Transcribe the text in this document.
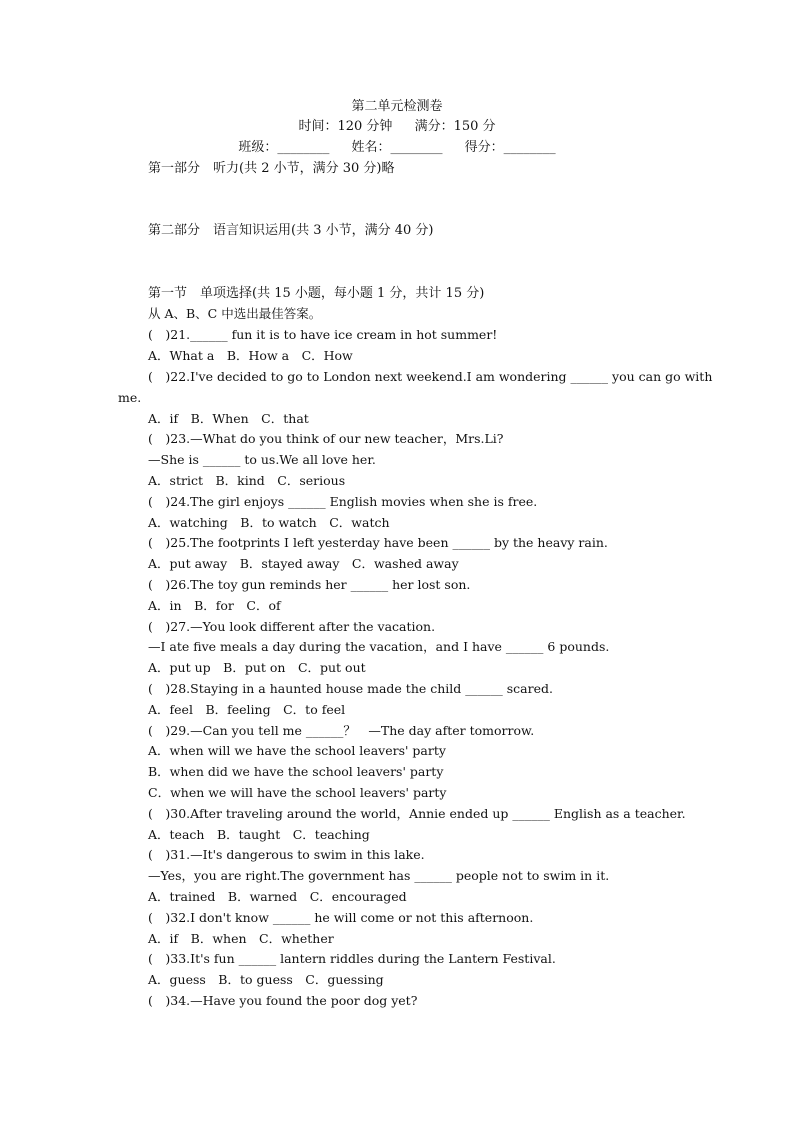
第二单元检测卷
时间：120 分钟 满分：150 分
班级：________ 姓名：________ 得分：________
第一部分　听力(共 2 小节，满分 30 分)略
第二部分　语言知识运用(共 3 小节，满分 40 分)
第一节　单项选择(共 15 小题，每小题 1 分，共计 15 分)
从 A、B、C 中选出最佳答案。
(　)21.______ fun it is to have ice cream in hot summer!
A．What a　B．How a　C．How
(　)22.I've decided to go to London next weekend.I am wondering ______ you can go with
me.
A．if　B．When　C．that
(　)23.—What do you think of our new teacher，Mrs.Li?
—She is ______ to us.We all love her.
A．strict　B．kind　C．serious
(　)24.The girl enjoys ______ English movies when she is free.
A．watching　B．to watch　C．watch
(　)25.The footprints I left yesterday have been ______ by the heavy rain.
A．put away　B．stayed away　C．washed away
(　)26.The toy gun reminds her ______ her lost son.
A．in　B．for　C．of
(　)27.—You look different after the vacation.
—I ate five meals a day during the vacation，and I have ______ 6 pounds.
A．put up　B．put on　C．put out
(　)28.Staying in a haunted house made the child ______ scared.
A．feel　B．feeling　C．to feel
(　)29.—Can you tell me ______？　—The day after tomorrow.
A．when will we have the school leavers' party
B．when did we have the school leavers' party
C．when we will have the school leavers' party
(　)30.After traveling around the world，Annie ended up ______ English as a teacher.
A．teach　B．taught　C．teaching
(　)31.—It's dangerous to swim in this lake.
—Yes，you are right.The government has ______ people not to swim in it.
A．trained　B．warned　C．encouraged
(　)32.I don't know ______ he will come or not this afternoon.
A．if　B．when　C．whether
(　)33.It's fun ______ lantern riddles during the Lantern Festival.
A．guess　B．to guess　C．guessing
(　)34.—Have you found the poor dog yet?
